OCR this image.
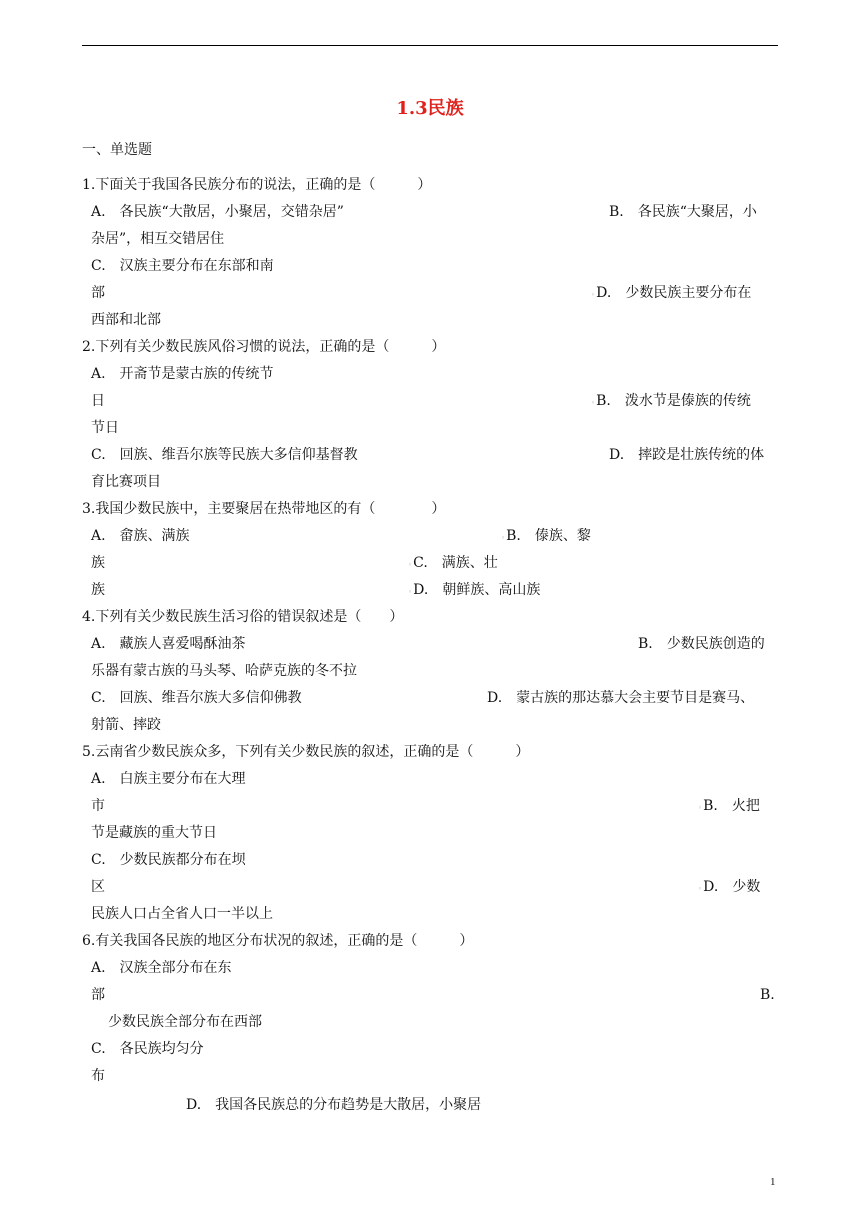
1.3民族
一、单选题
1.下面关于我国各民族分布的说法，正确的是（　　　）
A.　各民族“大散居，小聚居，交错杂居”	B.　各民族“大聚居，小
杂居”，相互交错居住
C.　汉族主要分布在东部和南
部	◦D.　少数民族主要分布在
西部和北部
2.下列有关少数民族风俗习惯的说法，正确的是（　　　）
A.　开斋节是蒙古族的传统节
日	◦B.　泼水节是傣族的传统
节日
C.　回族、维吾尔族等民族大多信仰基督教	D.　摔跤是壮族传统的体
育比赛项目
3.我国少数民族中，主要聚居在热带地区的有（　　　　）
A.　畲族、满族	◦B.　傣族、黎
族	◦C.　满族、壮
族	◦D.　朝鲜族、高山族
4.下列有关少数民族生活习俗的错误叙述是（　　）
A.　藏族人喜爱喝酥油茶	B.　少数民族创造的
乐器有蒙古族的马头琴、哈萨克族的冬不拉
C.　回族、维吾尔族大多信仰佛教	D.　蒙古族的那达慕大会主要节目是赛马、
射箭、摔跤
5.云南省少数民族众多，下列有关少数民族的叙述，正确的是（　　　）
A.　白族主要分布在大理
市	◦B.　火把
节是藏族的重大节日
C.　少数民族都分布在坝
区	◦D.　少数
民族人口占全省人口一半以上
6.有关我国各民族的地区分布状况的叙述，正确的是（　　　）
A.　汉族全部分布在东
部	B.
少数民族全部分布在西部
C.　各民族均匀分
布
D.　我国各民族总的分布趋势是大散居，小聚居
1
